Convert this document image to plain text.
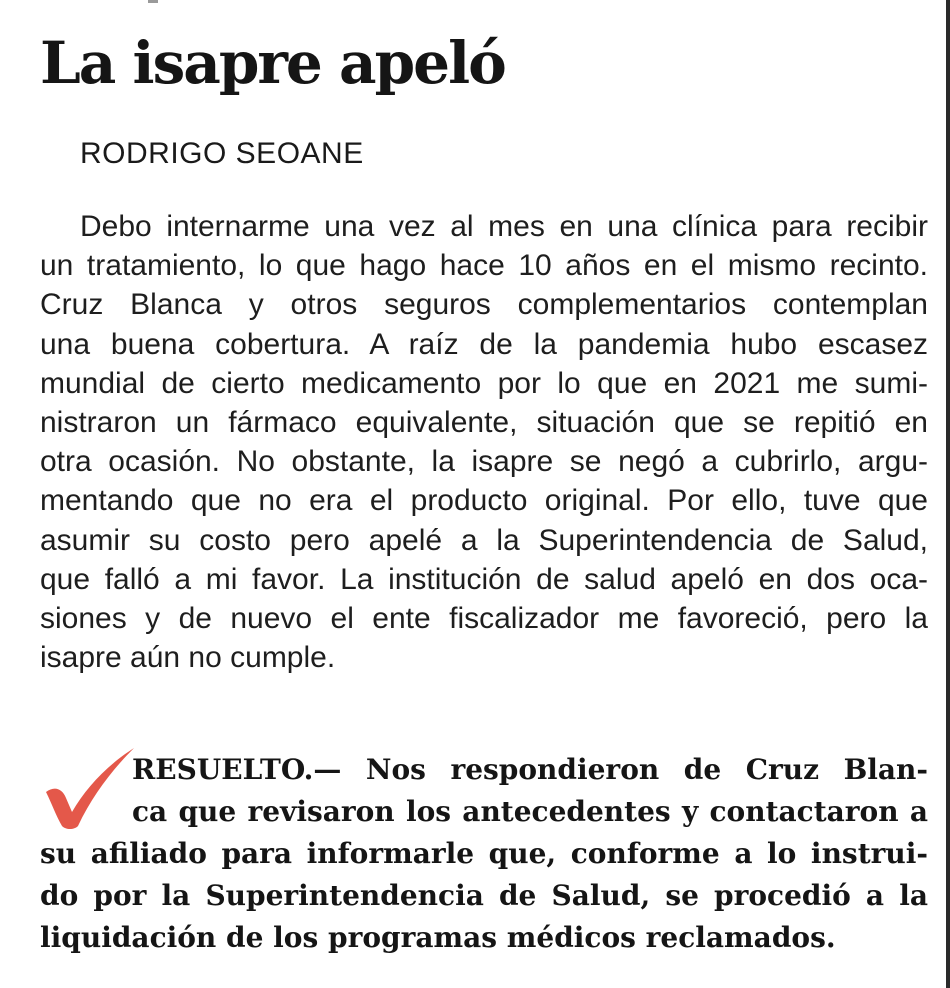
La isapre apeló

RODRIGO SEOANE

Debo internarme una vez al mes en una clínica para recibir
un tratamiento, lo que hago hace 10 años en el mismo recinto.
Cruz Blanca y otros seguros complementarios contemplan
una buena cobertura. A raíz de la pandemia hubo escasez
mundial de cierto medicamento por lo que en 2021 me sumi-
nistraron un fármaco equivalente, situación que se repitió en
otra ocasión. No obstante, la isapre se negó a cubrirlo, argu-
mentando que no era el producto original. Por ello, tuve que
asumir su costo pero apelé a la Superintendencia de Salud,
que falló a mi favor. La institución de salud apeló en dos oca-
siones y de nuevo el ente fiscalizador me favoreció, pero la
isapre aún no cumple.
RESUELTO.— Nos respondieron de Cruz Blan-
ca que revisaron los antecedentes y contactaron a
su afiliado para informarle que, conforme a lo instrui-
do por la Superintendencia de Salud, se procedió a la
liquidación de los programas médicos reclamados.
